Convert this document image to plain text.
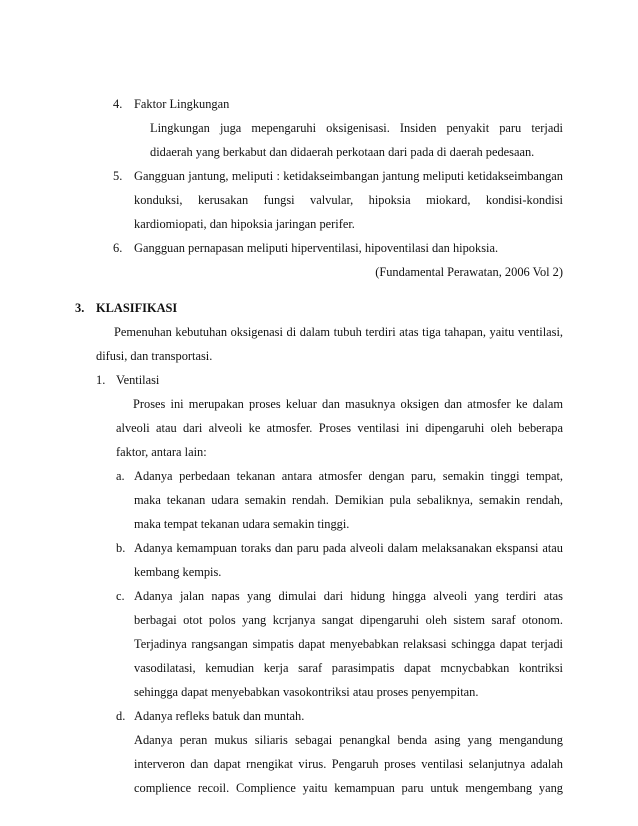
4. Faktor Lingkungan
Lingkungan juga mepengaruhi oksigenisasi. Insiden penyakit paru terjadi
didaerah yang berkabut dan didaerah perkotaan dari pada di daerah pedesaan.
5. Gangguan jantung, meliputi : ketidakseimbangan jantung meliputi ketidakseimbangan
konduksi, kerusakan fungsi valvular, hipoksia miokard, kondisi-kondisi
kardiomiopati, dan hipoksia jaringan perifer.
6. Gangguan pernapasan meliputi hiperventilasi, hipoventilasi dan hipoksia.
(Fundamental Perawatan, 2006 Vol 2)
3. KLASIFIKASI
Pemenuhan kebutuhan oksigenasi di dalam tubuh terdiri atas tiga tahapan, yaitu ventilasi,
difusi, dan transportasi.
1. Ventilasi
Proses ini merupakan proses keluar dan masuknya oksigen dan atmosfer ke dalam
alveoli atau dari alveoli ke atmosfer. Proses ventilasi ini dipengaruhi oleh beberapa
faktor, antara lain:
a. Adanya perbedaan tekanan antara atmosfer dengan paru, semakin tinggi tempat,
maka tekanan udara semakin rendah. Demikian pula sebaliknya, semakin rendah,
maka tempat tekanan udara semakin tinggi.
b. Adanya kemampuan toraks dan paru pada alveoli dalam melaksanakan ekspansi atau
kembang kempis.
c. Adanya jalan napas yang dimulai dari hidung hingga alveoli yang terdiri atas
berbagai otot polos yang kcrjanya sangat dipengaruhi oleh sistem saraf otonom.
Terjadinya rangsangan simpatis dapat menyebabkan relaksasi schingga dapat terjadi
vasodilatasi, kemudian kerja saraf parasimpatis dapat mcnycbabkan kontriksi
sehingga dapat menyebabkan vasokontriksi atau proses penyempitan.
d. Adanya refleks batuk dan muntah.
Adanya peran mukus siliaris sebagai penangkal benda asing yang mengandung
interveron dan dapat rnengikat virus. Pengaruh proses ventilasi selanjutnya adalah
complience recoil. Complience yaitu kemampuan paru untuk mengembang yang
